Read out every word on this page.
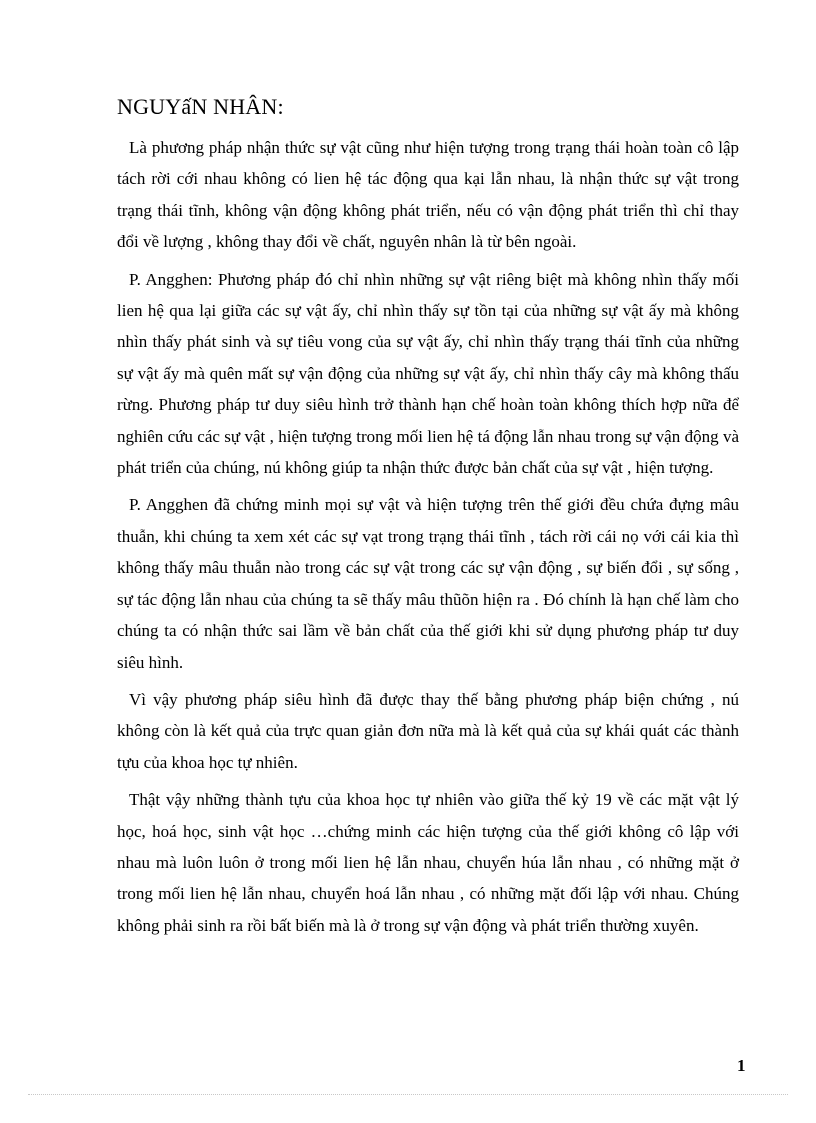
NGUYấN NHÂN:

Là phương pháp nhận thức sự vật cũng như hiện tượng trong trạng thái hoàn toàn cô lập tách rời cới nhau không có lien hệ tác động qua kại lẫn nhau, là nhận thức sự vật trong trạng thái tĩnh, không vận động không phát triển, nếu có vận động phát triển thì chỉ thay đổi về lượng , không thay đổi về chất, nguyên nhân là từ bên ngoài.

P. Angghen: Phương pháp đó chỉ nhìn những sự vật riêng biệt mà không nhìn thấy mối lien hệ qua lại giữa các sự vật ấy, chỉ nhìn thấy sự tồn tại của những sự vật ấy mà không nhìn thấy phát sinh và sự tiêu vong của sự vật ấy, chỉ nhìn thấy trạng thái tĩnh của những sự vật ấy mà quên mất sự vận động của những sự vật ấy, chỉ nhìn thấy cây mà không thấu rừng. Phương pháp tư duy siêu hình trở thành hạn chế hoàn toàn không thích hợp nữa để nghiên cứu các sự vật , hiện tượng trong mối lien hệ tá động lẫn nhau trong sự vận động và phát triển của chúng, nú không giúp ta nhận thức được bản chất của sự vật , hiện tượng.

P. Angghen đã chứng minh mọi sự vật và hiện tượng trên thế giới đều chứa đựng mâu thuẫn, khi chúng ta xem xét các sự vạt trong trạng thái tĩnh , tách rời cái nọ với cái kia thì không thấy mâu thuẫn nào trong các sự vật trong các sự vận động , sự biến đổi , sự sống , sự tác động lẫn nhau của chúng ta sẽ thấy mâu thũõn hiện ra . Đó chính là hạn chế làm cho chúng ta có nhận thức sai lầm về bản chất của thế giới khi sử dụng phương pháp tư duy siêu hình.

Vì vậy phương pháp siêu hình đã được thay thế bằng phương pháp biện chứng , nú không còn là kết quả của trực quan giản đơn nữa mà là kết quả của sự khái quát các thành tựu của khoa học tự nhiên.

Thật vậy những thành tựu của khoa học tự nhiên vào giữa thế kỷ 19 về các mặt vật lý học, hoá học, sinh vật học …chứng minh các hiện tượng của thế giới không cô lập với nhau mà luôn luôn ở trong mối lien hệ lẫn nhau, chuyển húa lẫn nhau , có những mặt ở trong mối lien hệ lẫn nhau, chuyển hoá lẫn nhau , có những mặt đối lập với nhau. Chúng không phải sinh ra rồi bất biến mà là ở trong sự vận động và phát triển thường xuyên.

1
